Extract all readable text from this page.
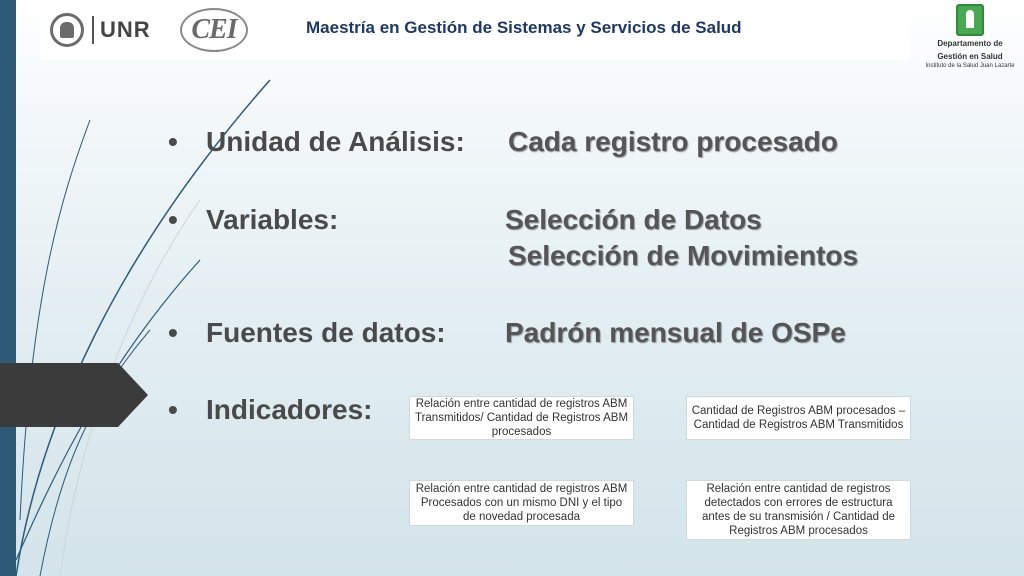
UNR CEI	Maestría en Gestión de Sistemas y Servicios de Salud
Departamento de
Gestión en Salud
Instituto de la Salud Juan Lazarte
• Unidad de Análisis: Cada registro procesado
• Variables:	Selección de Datos
Selección de Movimientos
• Fuentes de datos: Padrón mensual de OSPe
• Indicadores:	Relación entre cantidad de registros ABM Transmitidos/ Cantidad de Registros ABM procesados
Cantidad de Registros ABM procesados – Cantidad de Registros ABM Transmitidos
Relación entre cantidad de registros ABM Procesados con un mismo DNI y el tipo de novedad procesada
Relación entre cantidad de registros detectados con errores de estructura antes de su transmisión / Cantidad de Registros ABM procesados
